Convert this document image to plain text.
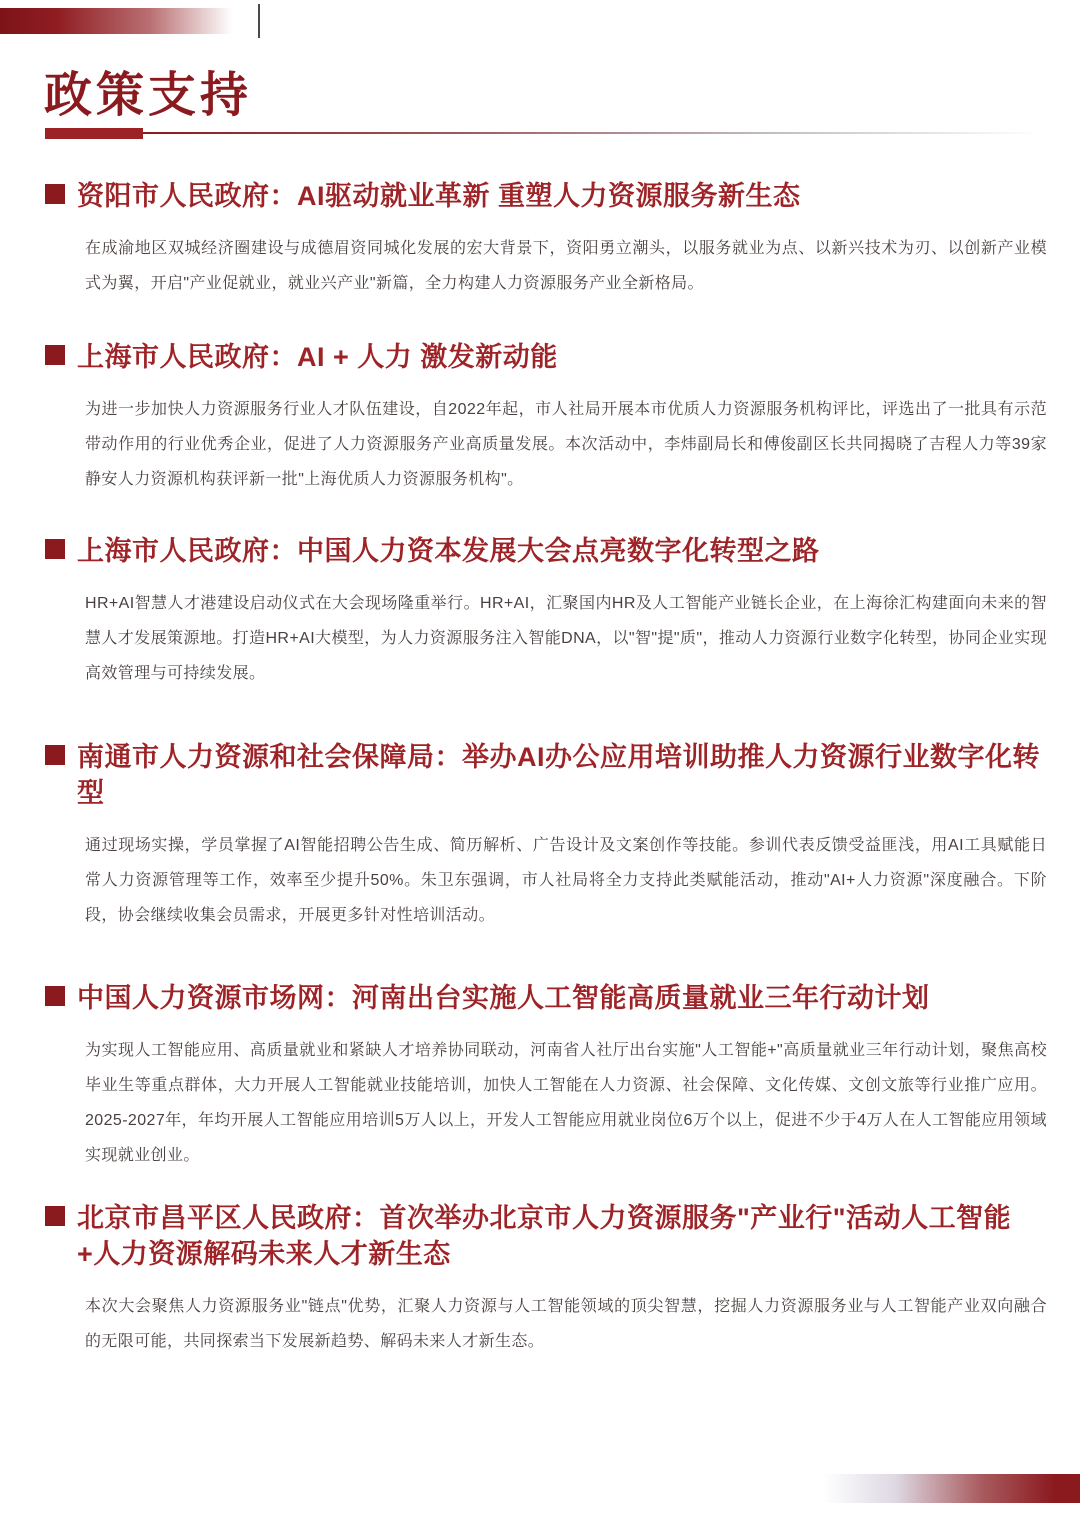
政策支持
资阳市人民政府：AI驱动就业革新 重塑人力资源服务新生态

在成渝地区双城经济圈建设与成德眉资同城化发展的宏大背景下，资阳勇立潮头，以服务就业为点、以新兴技术为刃、以创新产业模式为翼，开启"产业促就业，就业兴产业"新篇，全力构建人力资源服务产业全新格局。

上海市人民政府：AI + 人力 激发新动能

为进一步加快人力资源服务行业人才队伍建设，自2022年起，市人社局开展本市优质人力资源服务机构评比，评选出了一批具有示范带动作用的行业优秀企业，促进了人力资源服务产业高质量发展。本次活动中，李炜副局长和傅俊副区长共同揭晓了吉程人力等39家静安人力资源机构获评新一批"上海优质人力资源服务机构"。

上海市人民政府：中国人力资本发展大会点亮数字化转型之路

HR+AI智慧人才港建设启动仪式在大会现场隆重举行。HR+AI，汇聚国内HR及人工智能产业链长企业，在上海徐汇构建面向未来的智慧人才发展策源地。打造HR+AI大模型，为人力资源服务注入智能DNA，以"智"提"质"，推动人力资源行业数字化转型，协同企业实现高效管理与可持续发展。

南通市人力资源和社会保障局：举办AI办公应用培训助推人力资源行业数字化转型

通过现场实操，学员掌握了AI智能招聘公告生成、简历解析、广告设计及文案创作等技能。参训代表反馈受益匪浅，用AI工具赋能日常人力资源管理等工作，效率至少提升50%。朱卫东强调，市人社局将全力支持此类赋能活动，推动"AI+人力资源"深度融合。下阶段，协会继续收集会员需求，开展更多针对性培训活动。

中国人力资源市场网：河南出台实施人工智能高质量就业三年行动计划

为实现人工智能应用、高质量就业和紧缺人才培养协同联动，河南省人社厅出台实施"人工智能+"高质量就业三年行动计划，聚焦高校毕业生等重点群体，大力开展人工智能就业技能培训，加快人工智能在人力资源、社会保障、文化传媒、文创文旅等行业推广应用。2025-2027年，年均开展人工智能应用培训5万人以上，开发人工智能应用就业岗位6万个以上，促进不少于4万人在人工智能应用领域实现就业创业。

北京市昌平区人民政府：首次举办北京市人力资源服务"产业行"活动人工智能+人力资源解码未来人才新生态

本次大会聚焦人力资源服务业"链点"优势，汇聚人力资源与人工智能领域的顶尖智慧，挖掘人力资源服务业与人工智能产业双向融合的无限可能，共同探索当下发展新趋势、解码未来人才新生态。
